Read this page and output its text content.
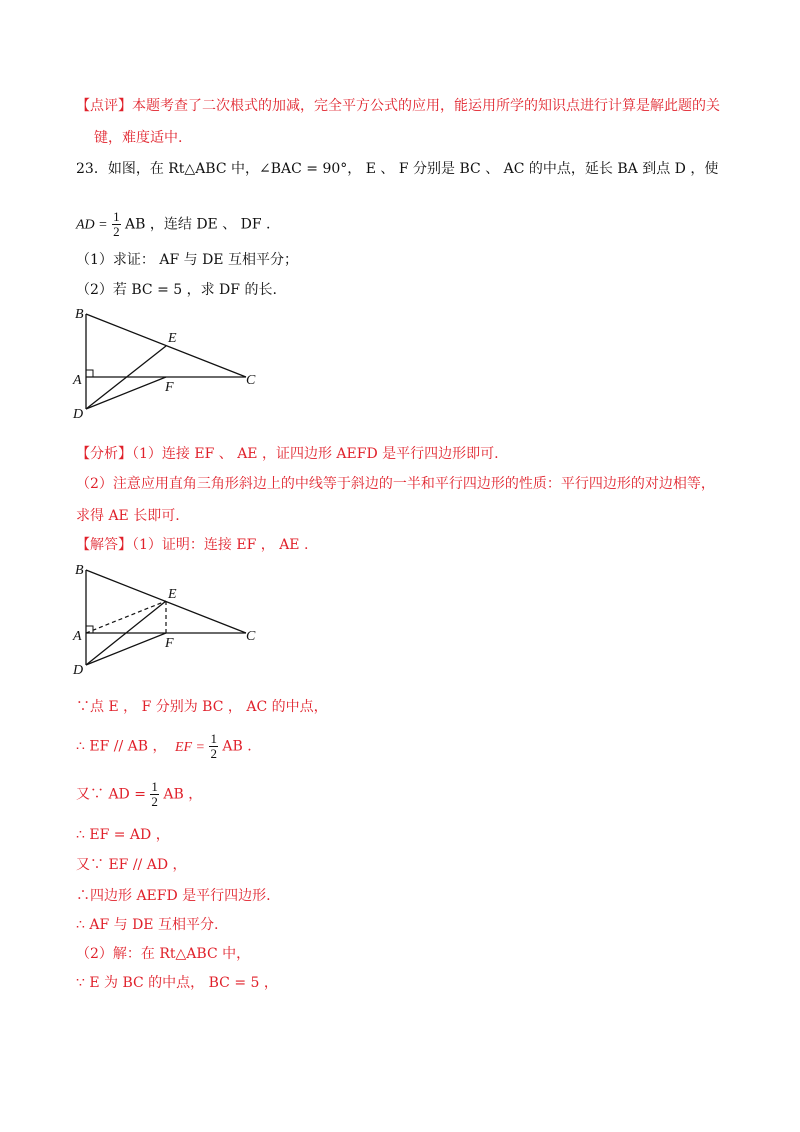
【点评】本题考查了二次根式的加减，完全平方公式的应用，能运用所学的知识点进行计算是解此题的关
键，难度适中.
23．如图，在 Rt△ABC 中，∠BAC = 90°， E 、 F 分别是 BC 、 AC 的中点，延长 BA 到点 D ，使
AD = $\frac{1}{2}$ AB ，连结 DE 、 DF .
（1）求证： AF 与 DE 互相平分；
（2）若 BC = 5 ，求 DF 的长.
B
E
A	F	C
D
【分析】（1）连接 EF 、 AE ，证四边形 AEFD 是平行四边形即可.
（2）注意应用直角三角形斜边上的中线等于斜边的一半和平行四边形的性质：平行四边形的对边相等，
求得 AE 长即可.
【解答】（1）证明：连接 EF ， AE .
B
E
A	F	C
D
∵点 E ， F 分别为 BC ， AC 的中点，
∴ EF // AB ， EF = $\frac{1}{2}$ AB .
又∵ AD = $\frac{1}{2}$ AB ，
∴ EF = AD ，
又∵ EF // AD ，
∴四边形 AEFD 是平行四边形.
∴ AF 与 DE 互相平分.
（2）解：在 Rt△ABC 中，
∵ E 为 BC 的中点， BC = 5 ，
